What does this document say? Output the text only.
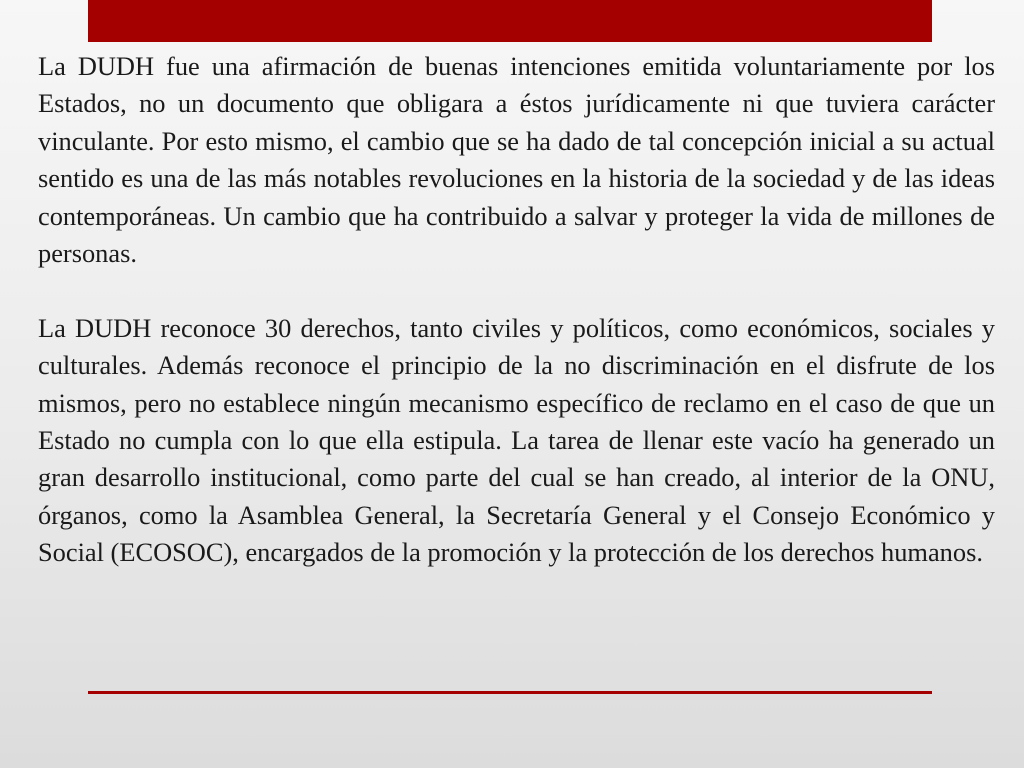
La DUDH fue una afirmación de buenas intenciones emitida voluntariamente por los Estados, no un documento que obligara a éstos jurídicamente ni que tuviera carácter vinculante. Por esto mismo, el cambio que se ha dado de tal concepción inicial a su actual sentido es una de las más notables revoluciones en la historia de la sociedad y de las ideas contemporáneas. Un cambio que ha contribuido a salvar y proteger la vida de millones de personas.

La DUDH reconoce 30 derechos, tanto civiles y políticos, como económicos, sociales y culturales. Además reconoce el principio de la no discriminación en el disfrute de los mismos, pero no establece ningún mecanismo específico de reclamo en el caso de que un Estado no cumpla con lo que ella estipula. La tarea de llenar este vacío ha generado un gran desarrollo institucional, como parte del cual se han creado, al interior de la ONU, órganos, como la Asamblea General, la Secretaría General y el Consejo Económico y Social (ECOSOC), encargados de la promoción y la protección de los derechos humanos.
